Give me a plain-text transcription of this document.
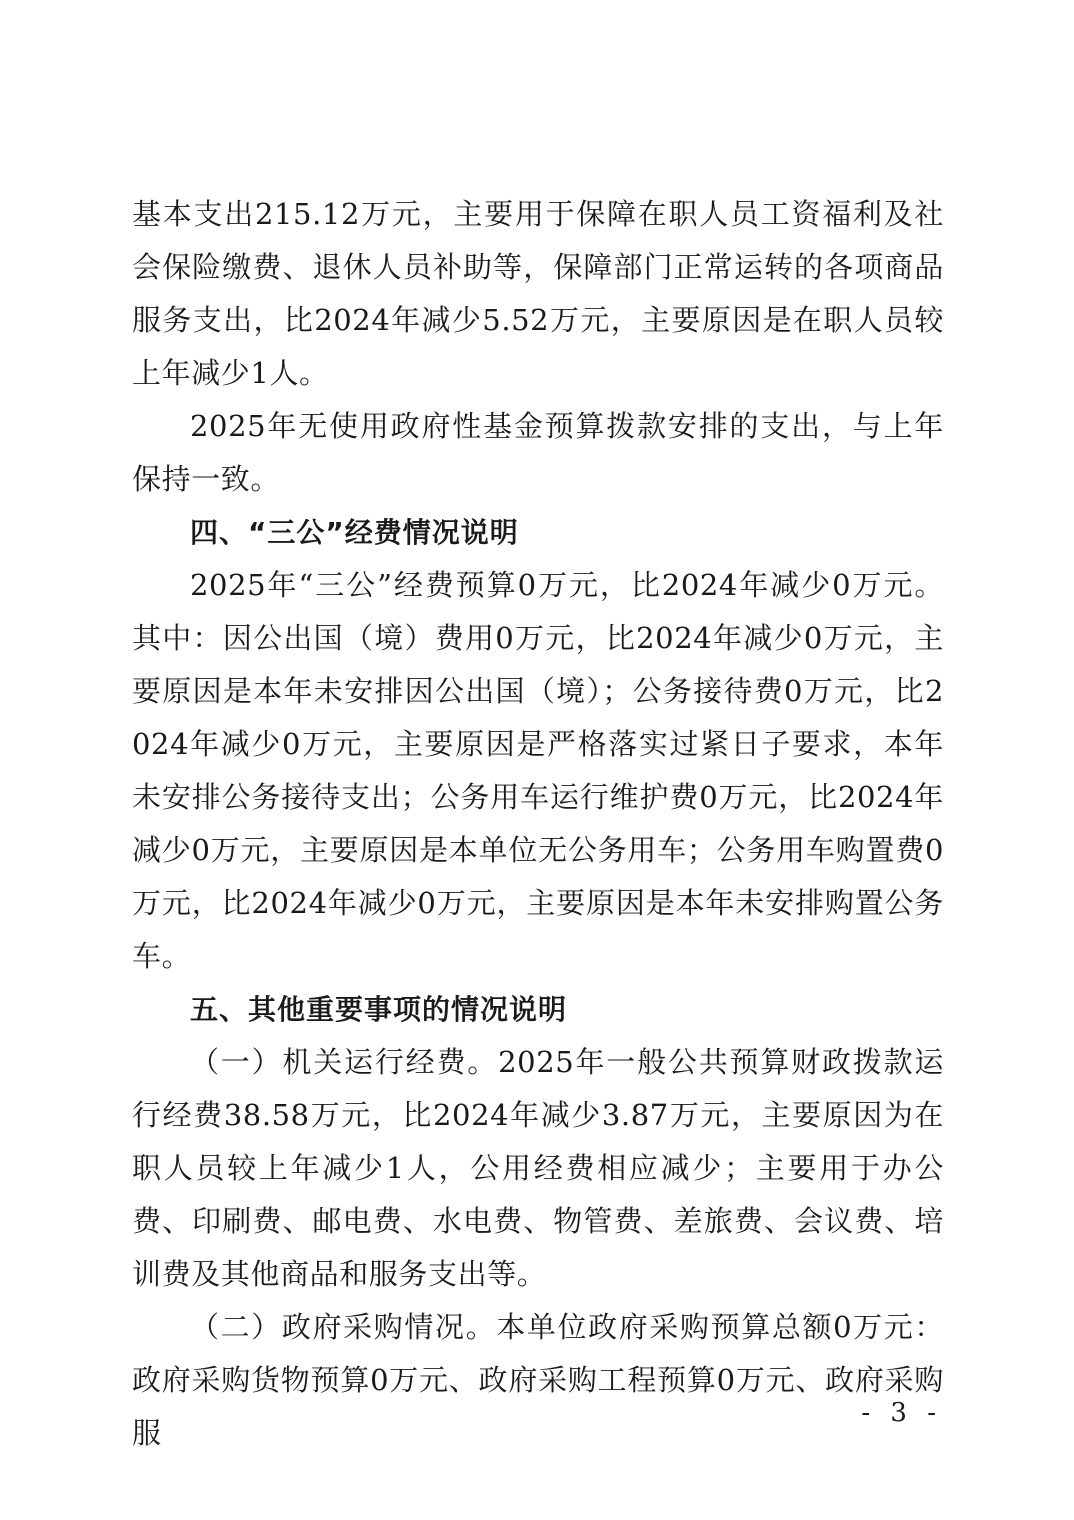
基本支出215.12万元，主要用于保障在职人员工资福利及社会保险缴费、退休人员补助等，保障部门正常运转的各项商品服务支出，比2024年减少5.52万元，主要原因是在职人员较上年减少1人。

2025年无使用政府性基金预算拨款安排的支出，与上年保持一致。

四、“三公”经费情况说明

2025年“三公”经费预算0万元，比2024年减少0万元。其中：因公出国（境）费用0万元，比2024年减少0万元，主要原因是本年未安排因公出国（境）；公务接待费0万元，比2024年减少0万元，主要原因是严格落实过紧日子要求，本年未安排公务接待支出；公务用车运行维护费0万元，比2024年减少0万元，主要原因是本单位无公务用车；公务用车购置费0万元，比2024年减少0万元，主要原因是本年未安排购置公务车。

五、其他重要事项的情况说明

（一）机关运行经费。2025年一般公共预算财政拨款运行经费38.58万元，比2024年减少3.87万元，主要原因为在职人员较上年减少1人，公用经费相应减少；主要用于办公费、印刷费、邮电费、水电费、物管费、差旅费、会议费、培训费及其他商品和服务支出等。

（二）政府采购情况。本单位政府采购预算总额0万元：政府采购货物预算0万元、政府采购工程预算0万元、政府采购服

- 3 -
